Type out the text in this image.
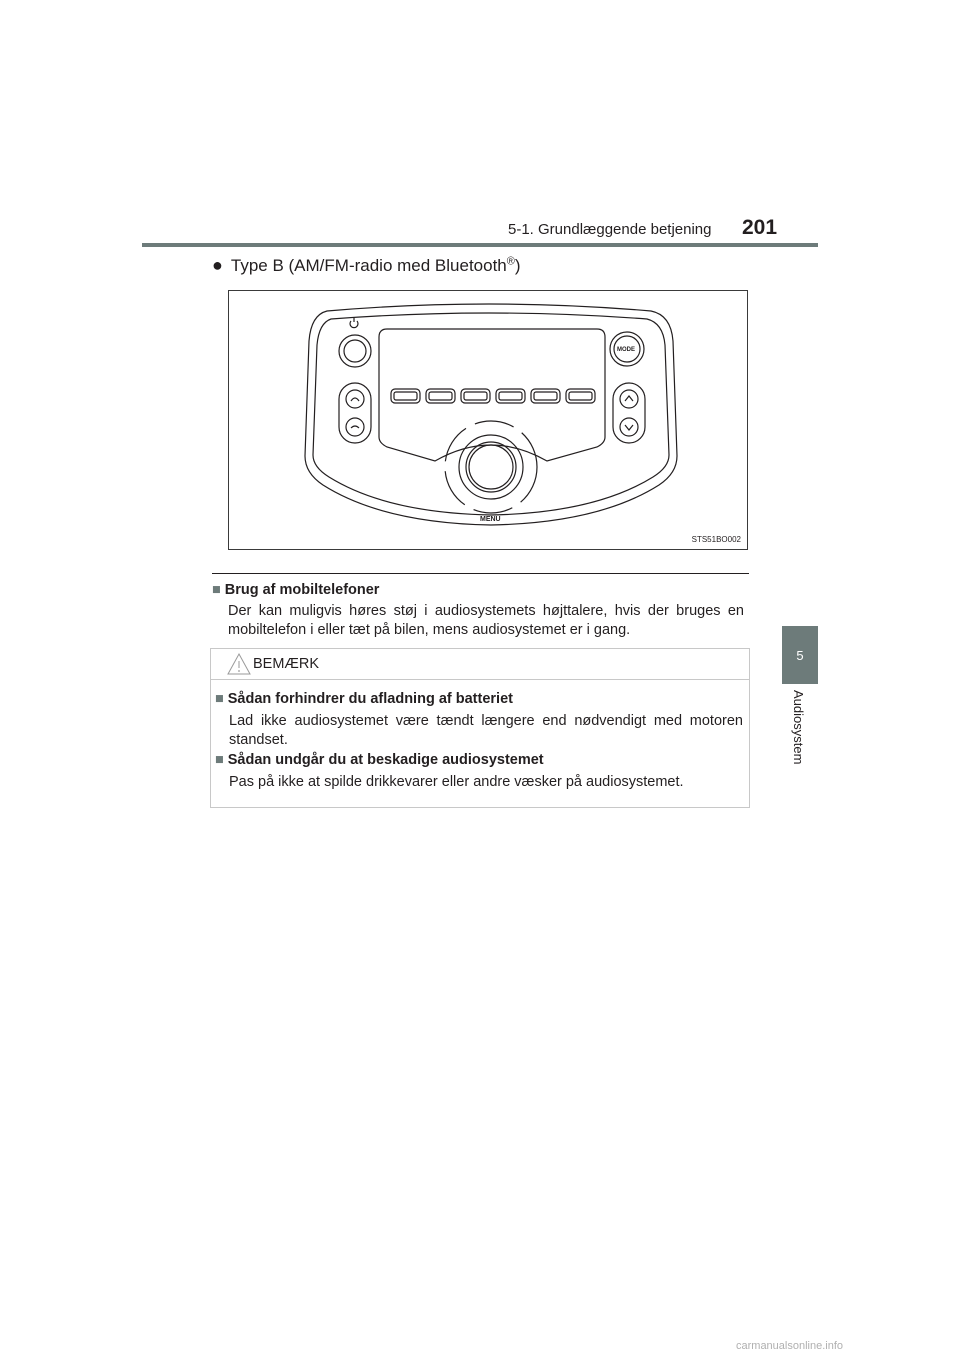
5-1. Grundlæggende betjening 201
5
Audiosystem
● Type B (AM/FM-radio med Bluetooth®)
MENU
MODE
STS51BO002
■ Brug af mobiltelefoner
Der kan muligvis høres støj i audiosystemets højttalere, hvis der bruges en
mobiltelefon i eller tæt på bilen, mens audiosystemet er i gang.
BEMÆRK
■ Sådan forhindrer du afladning af batteriet
Lad ikke audiosystemet være tændt længere end nødvendigt med motoren
standset.
■ Sådan undgår du at beskadige audiosystemet
Pas på ikke at spilde drikkevarer eller andre væsker på audiosystemet.
carmanualsonline.info
